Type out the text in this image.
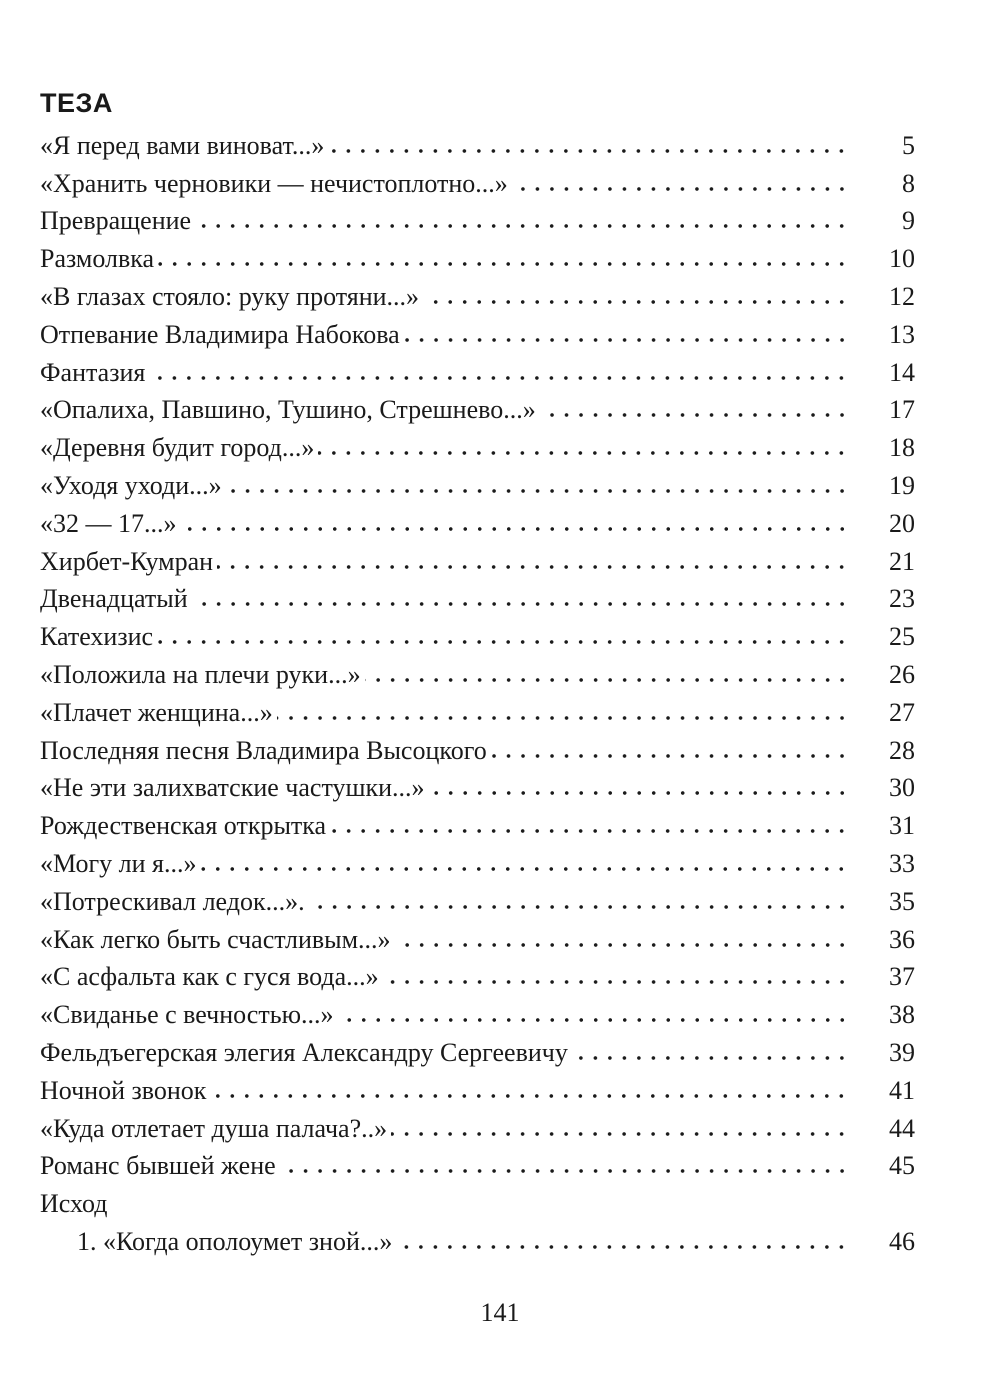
ТЕЗА
«Я перед вами виноват...»	5
«Хранить черновики — нечистоплотно...»	8
Превращение	9
Размолвка	10
«В глазах стояло: руку протяни...»	12
Отпевание Владимира Набокова	13
Фантазия	14
«Опалиха, Павшино, Тушино, Стрешнево...»	17
«Деревня будит город...»	18
«Уходя уходи...»	19
«32 — 17...»	20
Хирбет-Кумран	21
Двенадцатый	23
Катехизис	25
«Положила на плечи руки...»	26
«Плачет женщина...»	27
Последняя песня Владимира Высоцкого	28
«Не эти залихватские частушки...»	30
Рождественская открытка	31
«Могу ли я...»	33
«Потрескивал ледок...».	35
«Как легко быть счастливым...»	36
«С асфальта как с гуся вода...»	37
«Свиданье с вечностью...»	38
Фельдъегерская элегия Александру Сергеевичу	39
Ночной звонок	41
«Куда отлетает душа палача?..»	44
Романс бывшей жене	45
Исход
1. «Когда ополоумет зной...»	46
141
